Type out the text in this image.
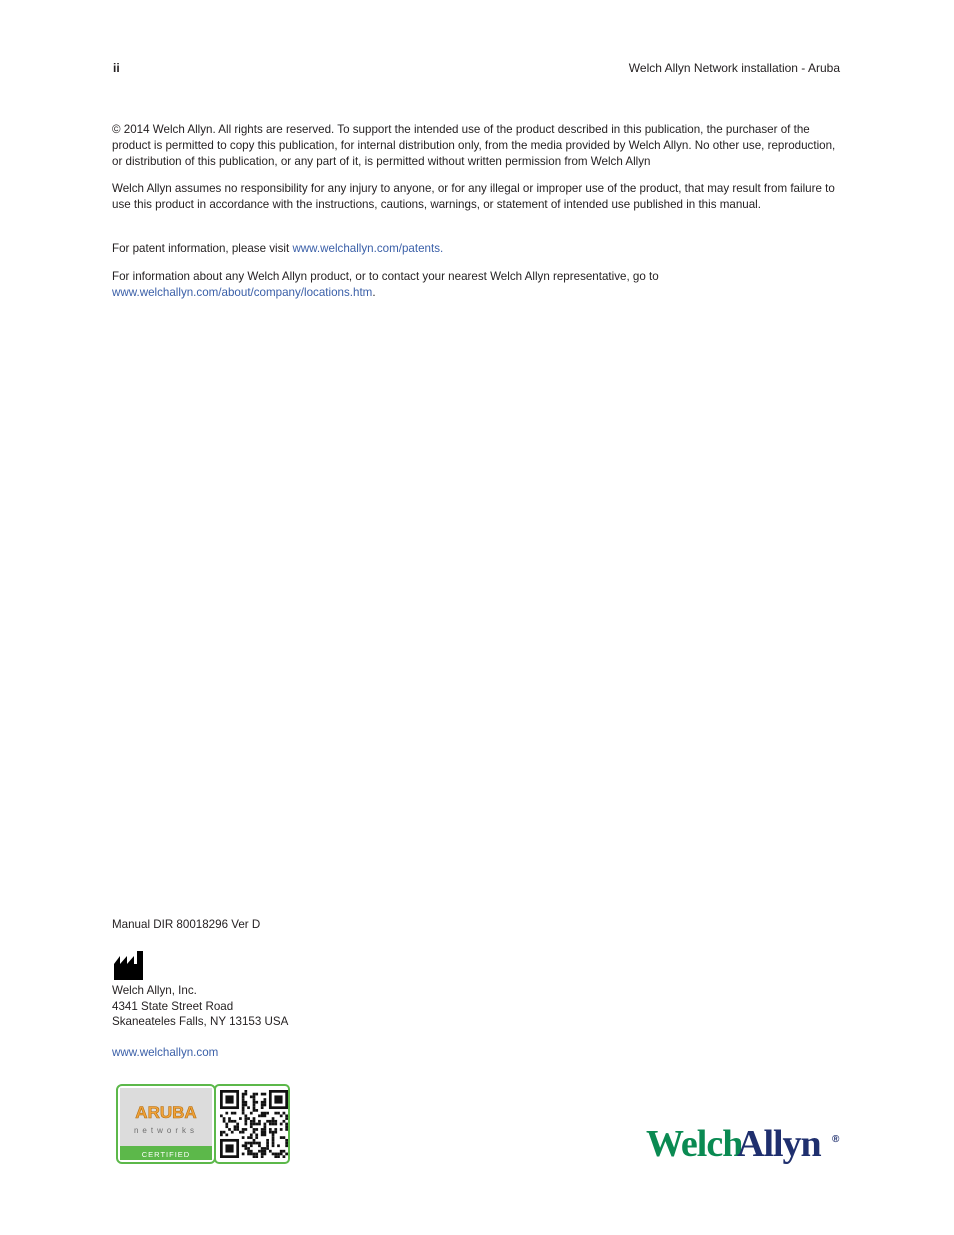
ii	Welch Allyn Network installation - Aruba

© 2014 Welch Allyn. All rights are reserved. To support the intended use of the product described in this publication, the purchaser of the product is permitted to copy this publication, for internal distribution only, from the media provided by Welch Allyn. No other use, reproduction, or distribution of this publication, or any part of it, is permitted without written permission from Welch Allyn

Welch Allyn assumes no responsibility for any injury to anyone, or for any illegal or improper use of the product, that may result from failure to use this product in accordance with the instructions, cautions, warnings, or statement of intended use published in this manual.

For patent information, please visit www.welchallyn.com/patents.

For information about any Welch Allyn product, or to contact your nearest Welch Allyn representative, go to
www.welchallyn.com/about/company/locations.htm.

Manual DIR 80018296 Ver D
Welch Allyn, Inc.
4341 State Street Road
Skaneateles Falls, NY 13153 USA
www.welchallyn.com
ARUBA
networks
CERTIFIED	Welch
Allyn ®
